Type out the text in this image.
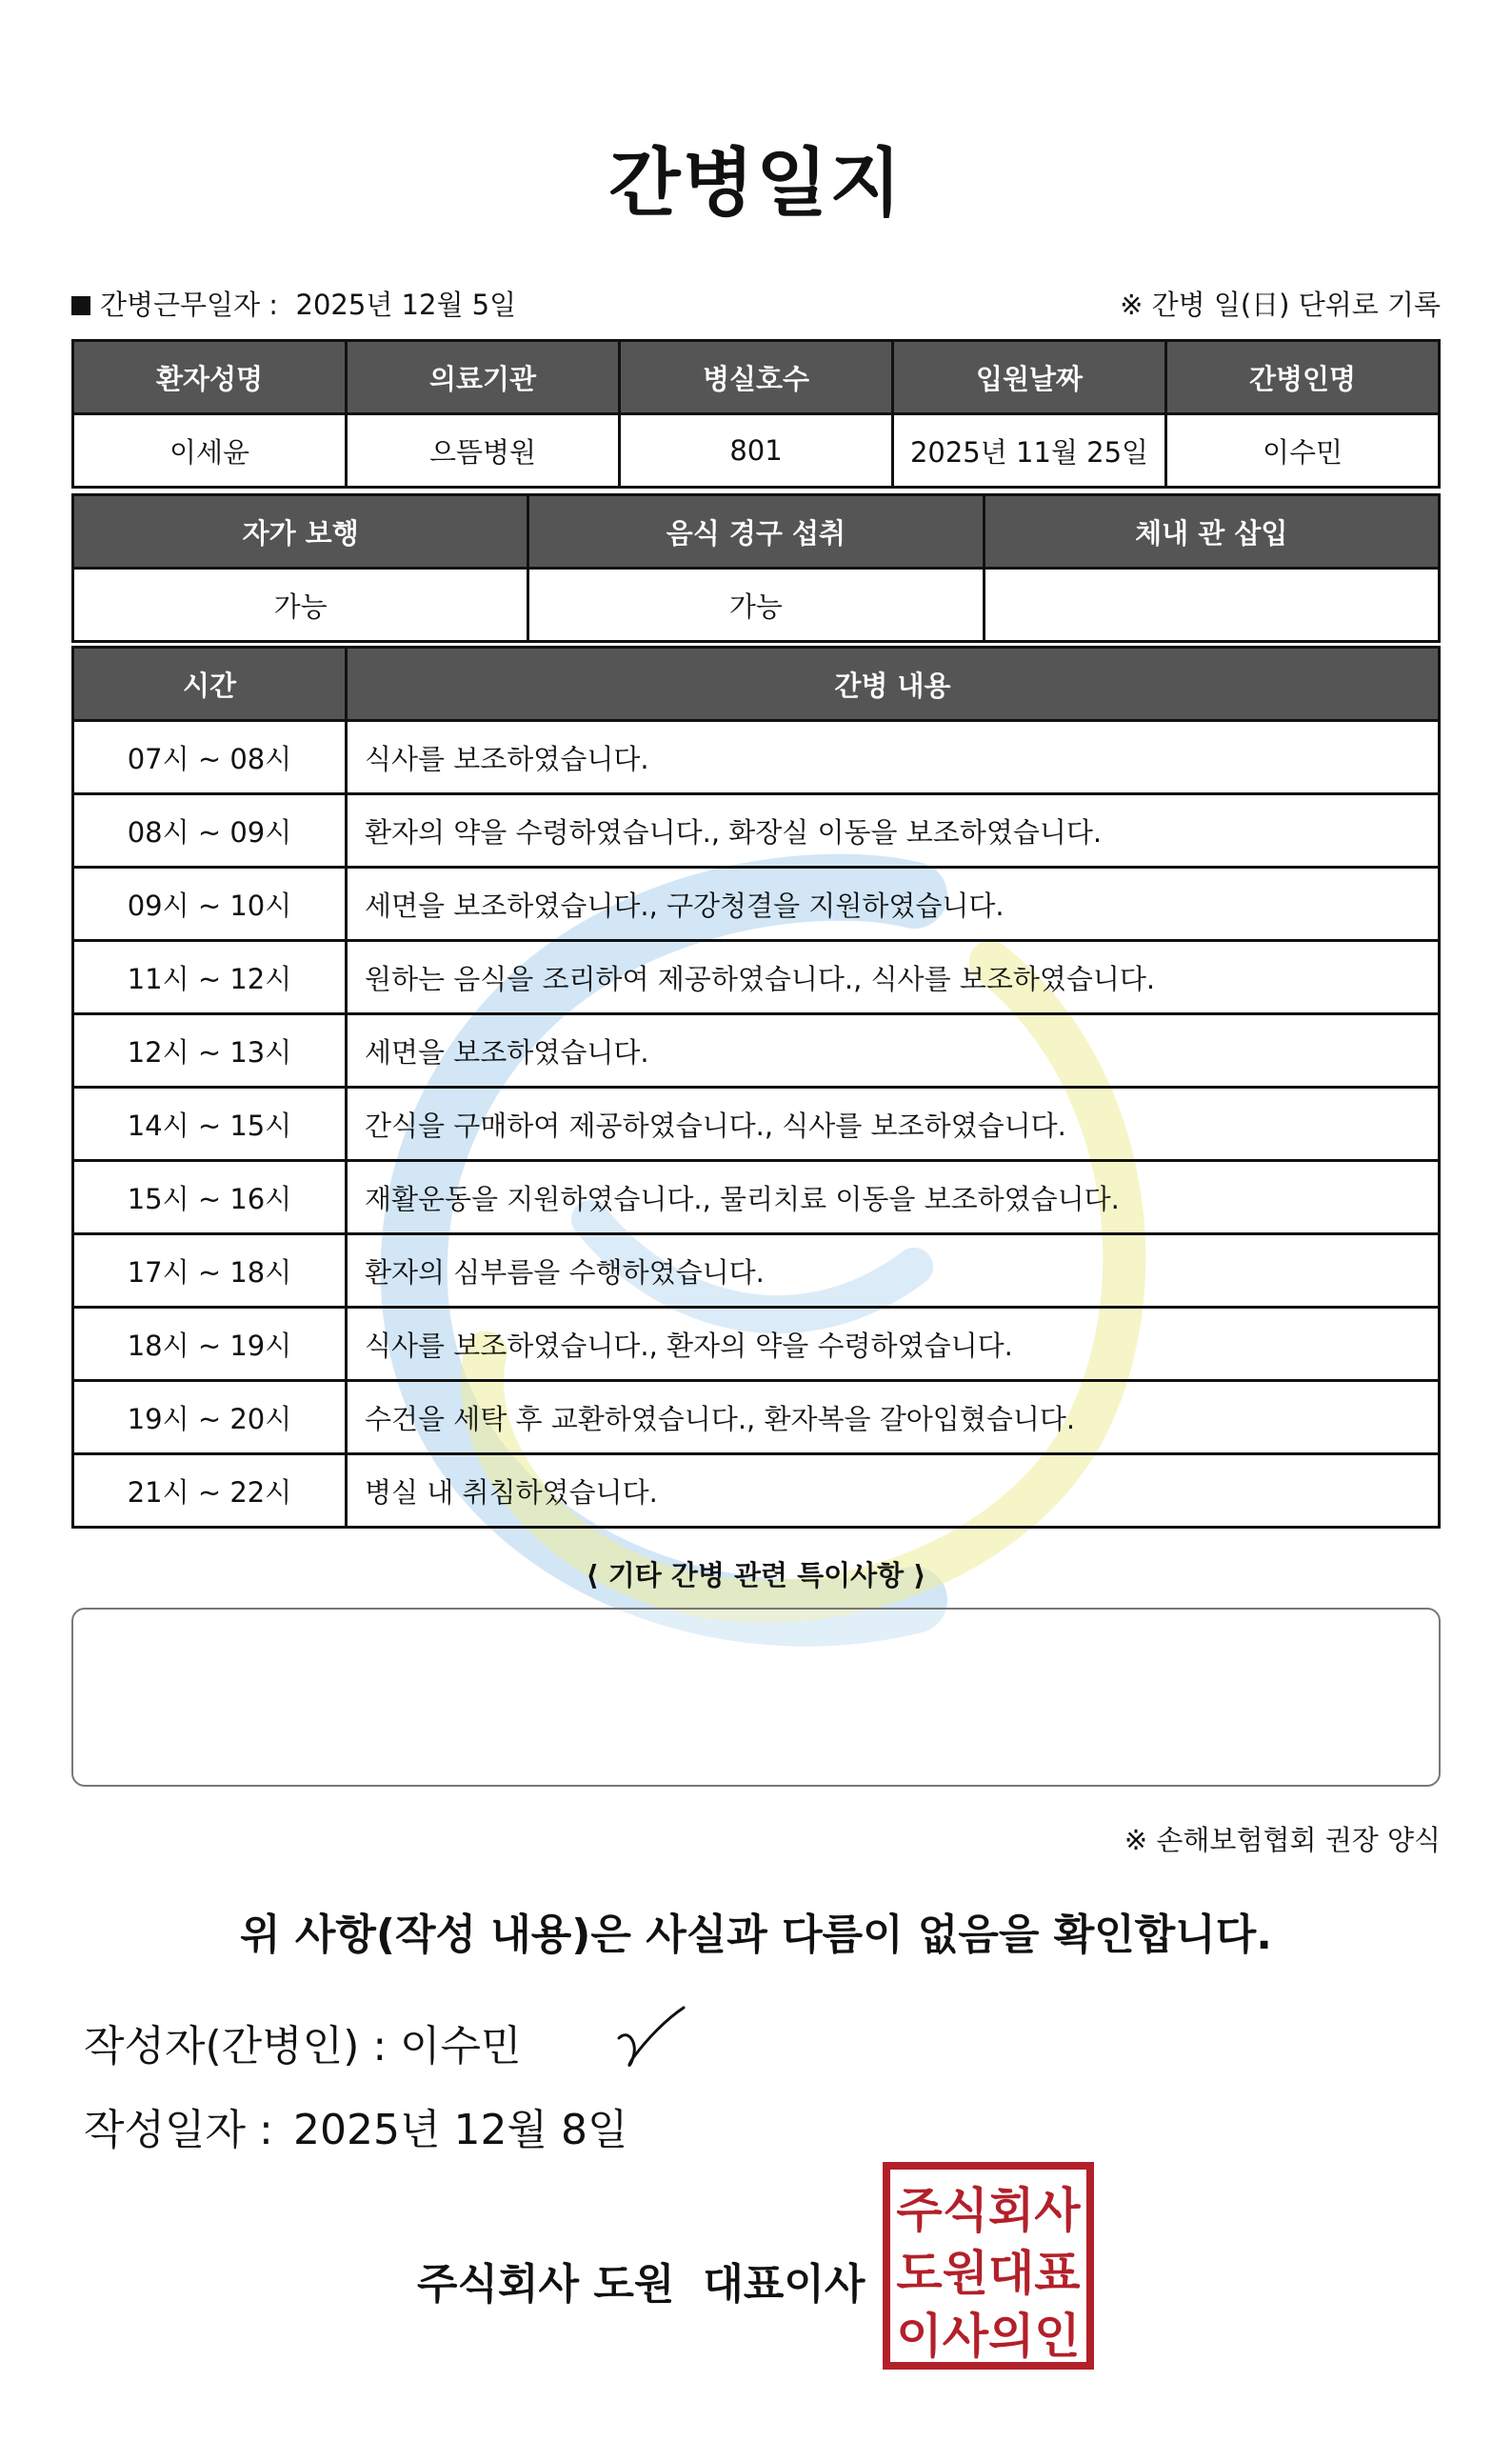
간병일지
간병근무일자 : 2025년 12월 5일	※ 간병 일(日) 단위로 기록
환자성명	의료기관	병실호수	입원날짜	간병인명
이세윤	으뜸병원	801	2025년 11월 25일	이수민
자가 보행	음식 경구 섭취	체내 관 삽입
가능	가능	
시간	간병 내용
07시 ~ 08시	식사를 보조하였습니다.
08시 ~ 09시	환자의 약을 수령하였습니다., 화장실 이동을 보조하였습니다.
09시 ~ 10시	세면을 보조하였습니다., 구강청결을 지원하였습니다.
11시 ~ 12시	원하는 음식을 조리하여 제공하였습니다., 식사를 보조하였습니다.
12시 ~ 13시	세면을 보조하였습니다.
14시 ~ 15시	간식을 구매하여 제공하였습니다., 식사를 보조하였습니다.
15시 ~ 16시	재활운동을 지원하였습니다., 물리치료 이동을 보조하였습니다.
17시 ~ 18시	환자의 심부름을 수행하였습니다.
18시 ~ 19시	식사를 보조하였습니다., 환자의 약을 수령하였습니다.
19시 ~ 20시	수건을 세탁 후 교환하였습니다., 환자복을 갈아입혔습니다.
21시 ~ 22시	병실 내 취침하였습니다.
⟨ 기타 간병 관련 특이사항 ⟩
※ 손해보험협회 권장 양식
위 사항(작성 내용)은 사실과 다름이 없음을 확인합니다.
작성자(간병인) : 이수민
작성일자 : 2025년 12월 8일
주식회사 도원 대표이사
주식회사
도원대표
이사의인
